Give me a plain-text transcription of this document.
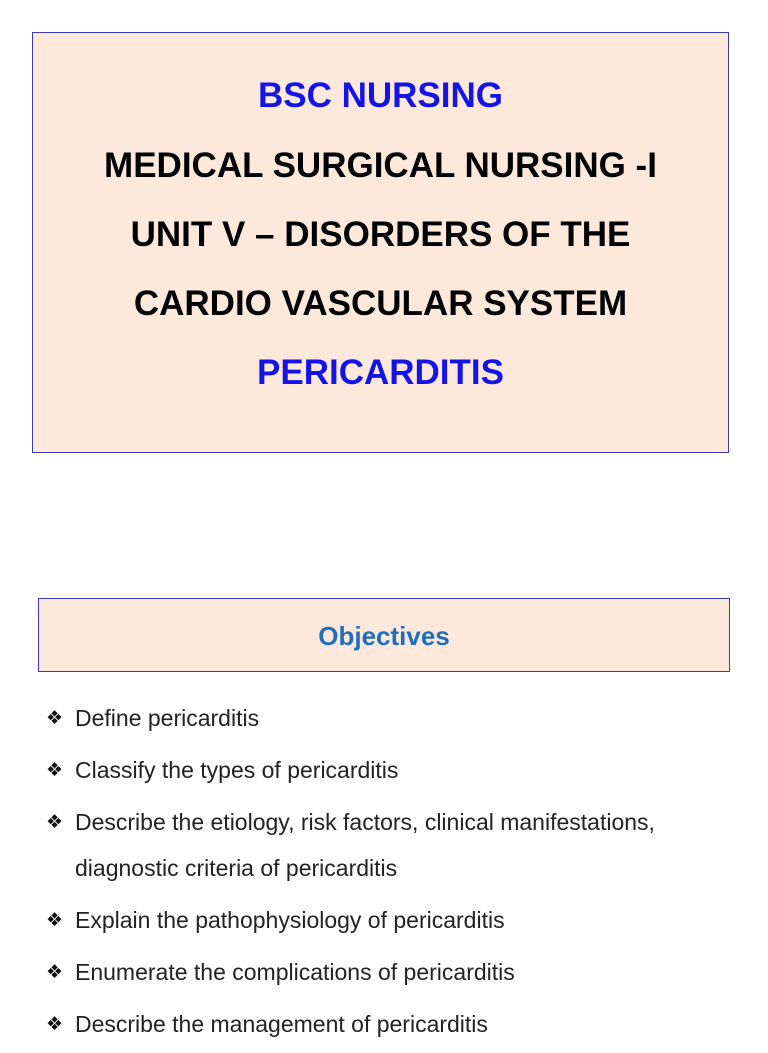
BSC NURSING
MEDICAL SURGICAL NURSING -I
UNIT V – DISORDERS OF THE
CARDIO VASCULAR SYSTEM
PERICARDITIS
Objectives
❖ Define pericarditis
❖ Classify the types of pericarditis
❖ Describe the etiology, risk factors, clinical manifestations, diagnostic criteria of pericarditis
❖ Explain the pathophysiology of pericarditis
❖ Enumerate the complications of pericarditis
❖ Describe the management of pericarditis
